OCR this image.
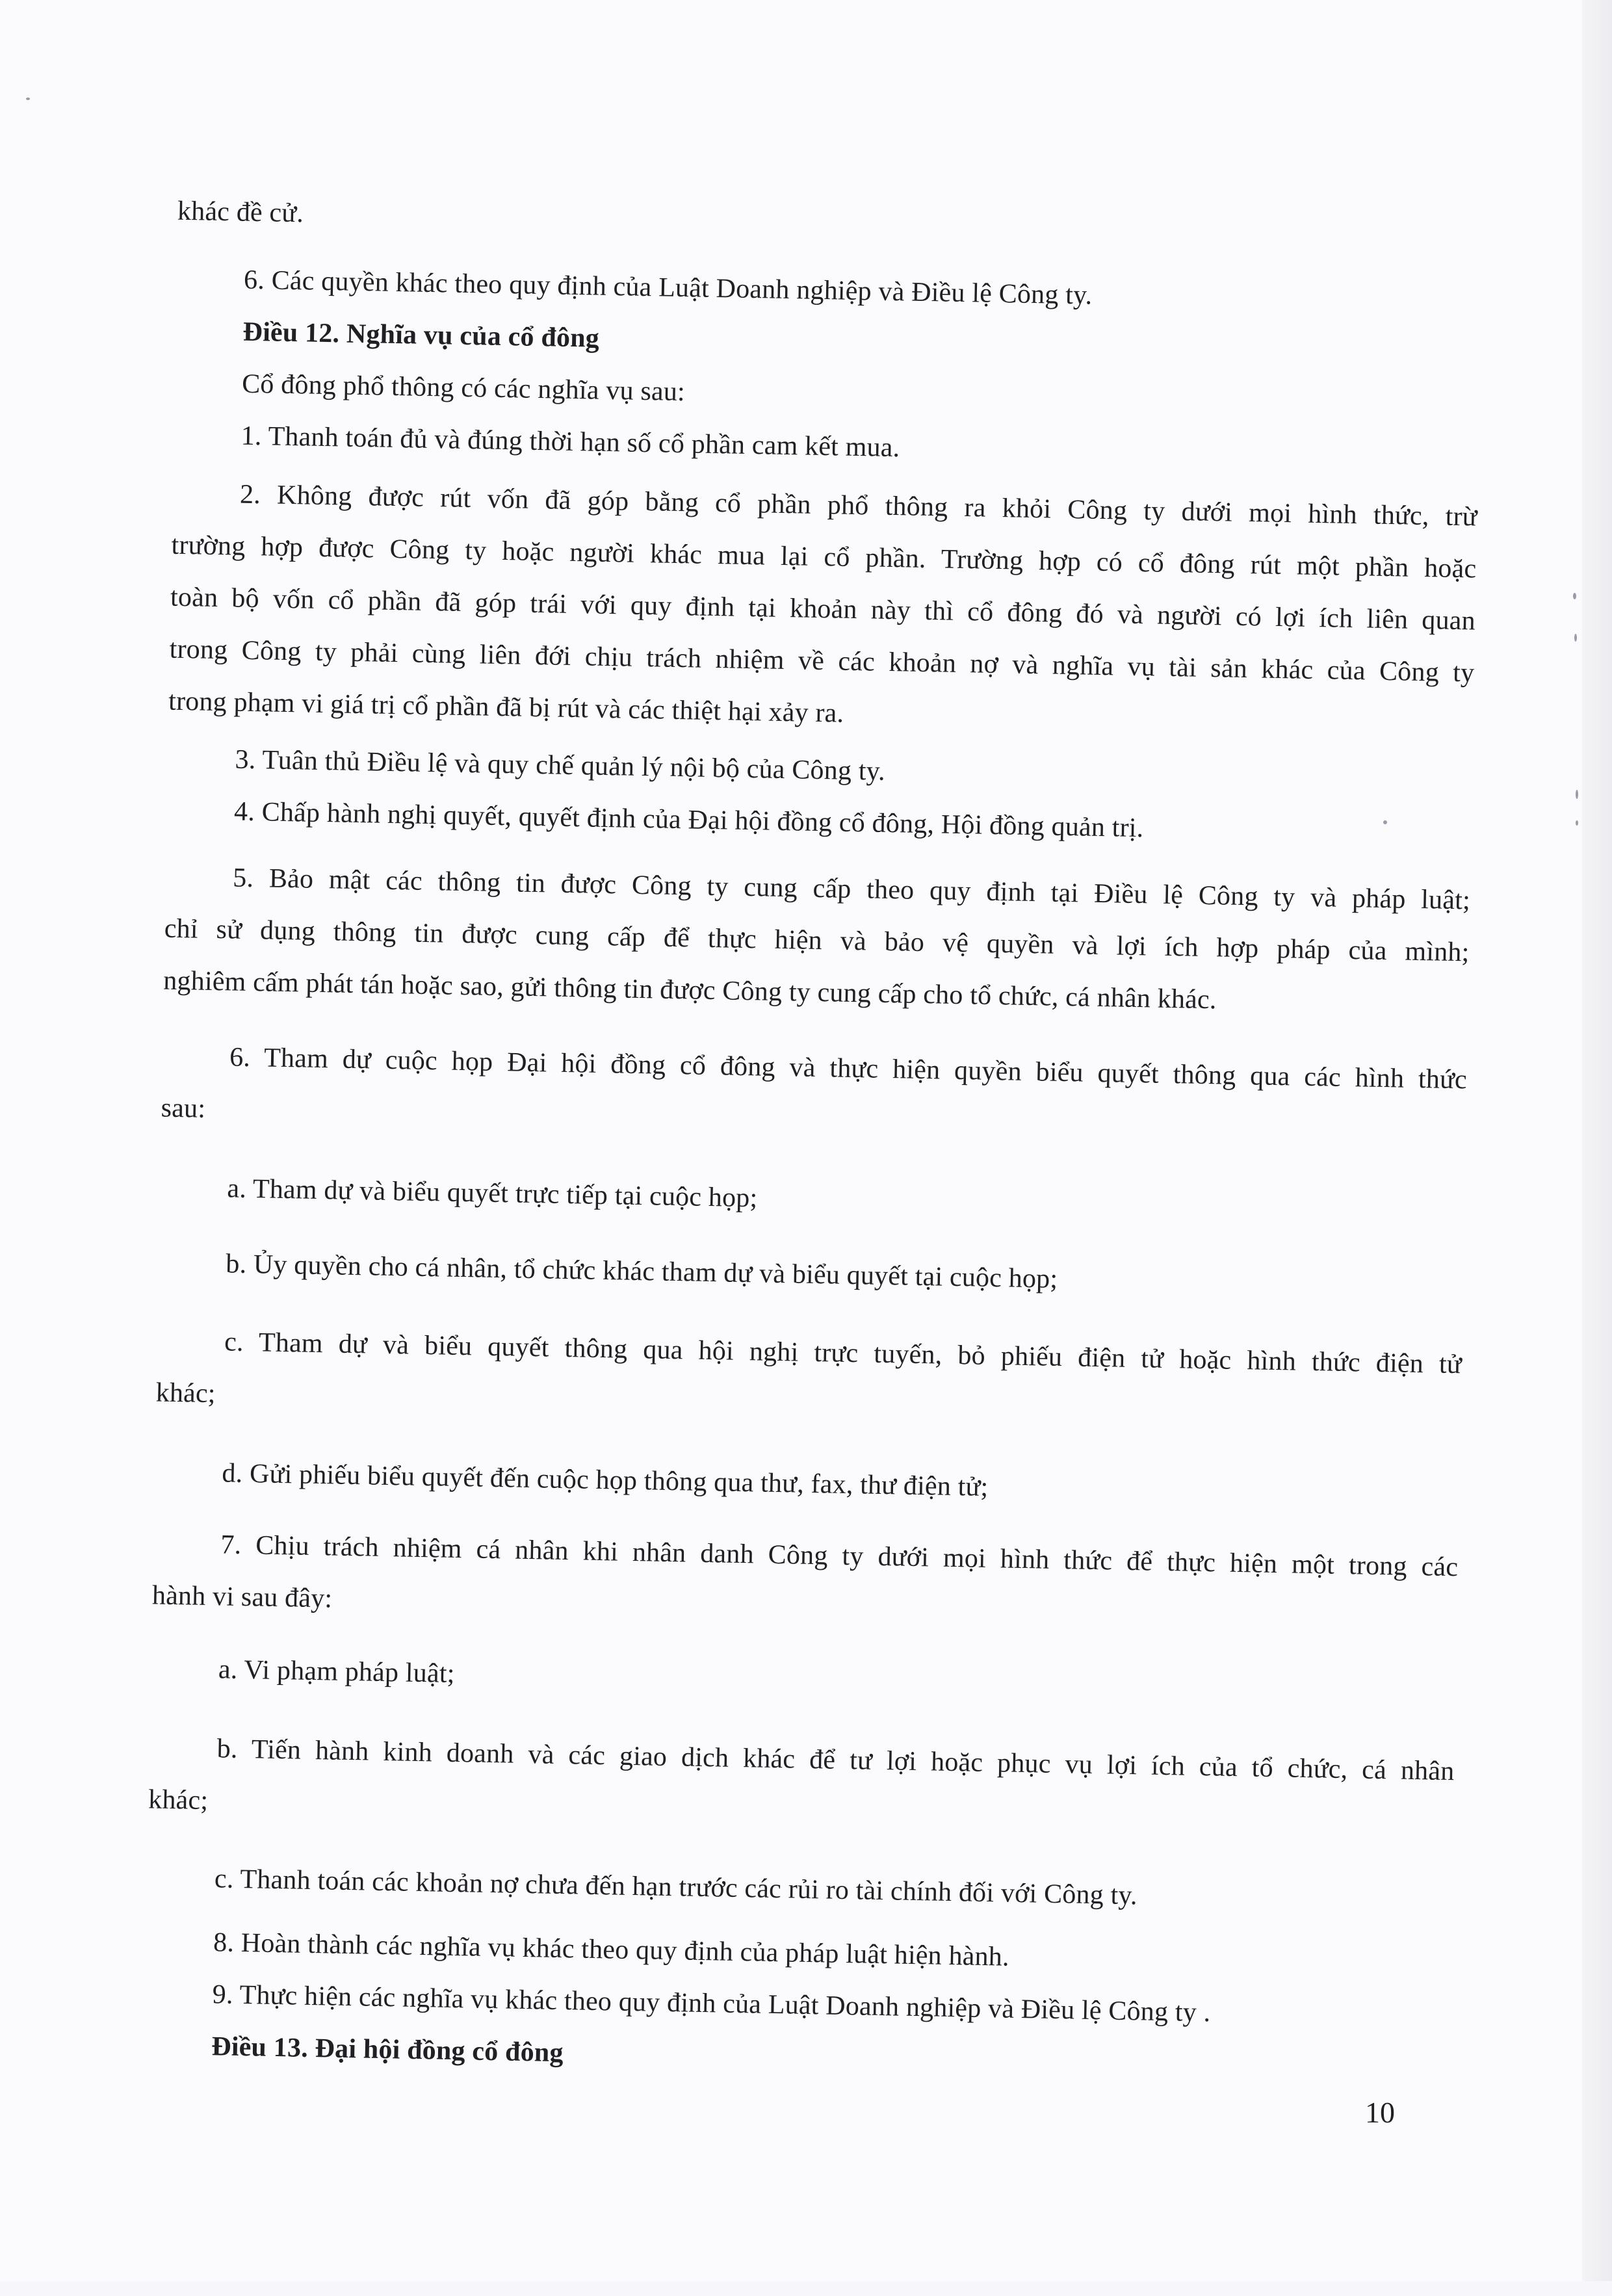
khác đề cử.
6. Các quyền khác theo quy định của Luật Doanh nghiệp và Điều lệ Công ty.
Điều 12. Nghĩa vụ của cổ đông
Cổ đông phổ thông có các nghĩa vụ sau:
1. Thanh toán đủ và đúng thời hạn số cổ phần cam kết mua.
2. Không được rút vốn đã góp bằng cổ phần phổ thông ra khỏi Công ty dưới mọi hình thức, trừ
trường hợp được Công ty hoặc người khác mua lại cổ phần. Trường hợp có cổ đông rút một phần hoặc
toàn bộ vốn cổ phần đã góp trái với quy định tại khoản này thì cổ đông đó và người có lợi ích liên quan
trong Công ty phải cùng liên đới chịu trách nhiệm về các khoản nợ và nghĩa vụ tài sản khác của Công ty
trong phạm vi giá trị cổ phần đã bị rút và các thiệt hại xảy ra.
3. Tuân thủ Điều lệ và quy chế quản lý nội bộ của Công ty.
4. Chấp hành nghị quyết, quyết định của Đại hội đồng cổ đông, Hội đồng quản trị.
5. Bảo mật các thông tin được Công ty cung cấp theo quy định tại Điều lệ Công ty và pháp luật;
chỉ sử dụng thông tin được cung cấp để thực hiện và bảo vệ quyền và lợi ích hợp pháp của mình;
nghiêm cấm phát tán hoặc sao, gửi thông tin được Công ty cung cấp cho tổ chức, cá nhân khác.
6. Tham dự cuộc họp Đại hội đồng cổ đông và thực hiện quyền biểu quyết thông qua các hình thức
sau:
a. Tham dự và biểu quyết trực tiếp tại cuộc họp;
b. Ủy quyền cho cá nhân, tổ chức khác tham dự và biểu quyết tại cuộc họp;
c. Tham dự và biểu quyết thông qua hội nghị trực tuyến, bỏ phiếu điện tử hoặc hình thức điện tử
khác;
d. Gửi phiếu biểu quyết đến cuộc họp thông qua thư, fax, thư điện tử;
7. Chịu trách nhiệm cá nhân khi nhân danh Công ty dưới mọi hình thức để thực hiện một trong các
hành vi sau đây:
a. Vi phạm pháp luật;
b. Tiến hành kinh doanh và các giao dịch khác để tư lợi hoặc phục vụ lợi ích của tổ chức, cá nhân
khác;
c. Thanh toán các khoản nợ chưa đến hạn trước các rủi ro tài chính đối với Công ty.
8. Hoàn thành các nghĩa vụ khác theo quy định của pháp luật hiện hành.
9. Thực hiện các nghĩa vụ khác theo quy định của Luật Doanh nghiệp và Điều lệ Công ty .
Điều 13. Đại hội đồng cổ đông
10
